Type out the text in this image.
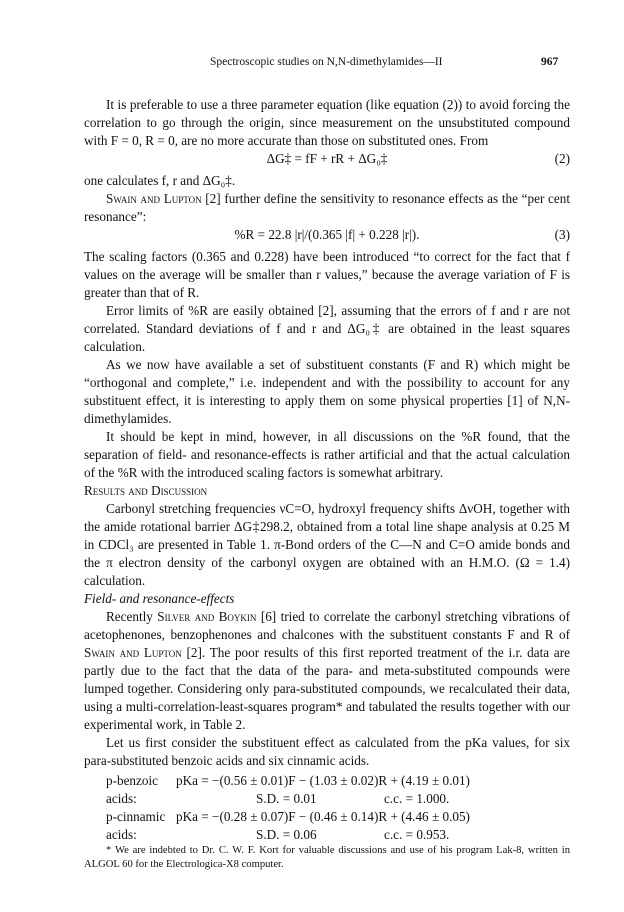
Spectroscopic studies on N,N-dimethylamides—II	967

It is preferable to use a three parameter equation (like equation (2)) to avoid forcing the correlation to go through the origin, since measurement on the unsubstituted compound with F = 0, R = 0, are no more accurate than those on substituted ones. From

ΔG‡ = fF + rR + ΔG₀‡	(2)

one calculates f, r and ΔG₀‡.

Swain and Lupton [2] further define the sensitivity to resonance effects as the “per cent resonance”:

%R = 22.8 |r|/(0.365 |f| + 0.228 |r|).	(3)

The scaling factors (0.365 and 0.228) have been introduced “to correct for the fact that f values on the average will be smaller than r values,” because the average variation of F is greater than that of R.

Error limits of %R are easily obtained [2], assuming that the errors of f and r are not correlated. Standard deviations of f and r and ΔG₀‡ are obtained in the least squares calculation.

As we now have available a set of substituent constants (F and R) which might be “orthogonal and complete,” i.e. independent and with the possibility to account for any substituent effect, it is interesting to apply them on some physical properties [1] of N,N-dimethylamides.

It should be kept in mind, however, in all discussions on the %R found, that the separation of field- and resonance-effects is rather artificial and that the actual calculation of the %R with the introduced scaling factors is somewhat arbitrary.

Results and Discussion

Carbonyl stretching frequencies νC=O, hydroxyl frequency shifts ΔνOH, together with the amide rotational barrier ΔG‡298.2, obtained from a total line shape analysis at 0.25 M in CDCl₃ are presented in Table 1. π-Bond orders of the C—N and C=O amide bonds and the π electron density of the carbonyl oxygen are obtained with an H.M.O. (Ω = 1.4) calculation.

Field- and resonance-effects

Recently Silver and Boykin [6] tried to correlate the carbonyl stretching vibrations of acetophenones, benzophenones and chalcones with the substituent constants F and R of Swain and Lupton [2]. The poor results of this first reported treatment of the i.r. data are partly due to the fact that the data of the para- and meta-substituted compounds were lumped together. Considering only para-substituted compounds, we recalculated their data, using a multi-correlation-least-squares program* and tabulated the results together with our experimental work, in Table 2.

Let us first consider the substituent effect as calculated from the pKa values, for six para-substituted benzoic acids and six cinnamic acids.

p-benzoic pKa = −(0.56 ± 0.01)F − (1.03 ± 0.02)R + (4.19 ± 0.01)
acids:	S.D. = 0.01	c.c. = 1.000.
p-cinnamic pKa = −(0.28 ± 0.07)F − (0.46 ± 0.14)R + (4.46 ± 0.05)
acids:	S.D. = 0.06	c.c. = 0.953.

* We are indebted to Dr. C. W. F. Kort for valuable discussions and use of his program Lak-8, written in ALGOL 60 for the Electrologica-X8 computer.
